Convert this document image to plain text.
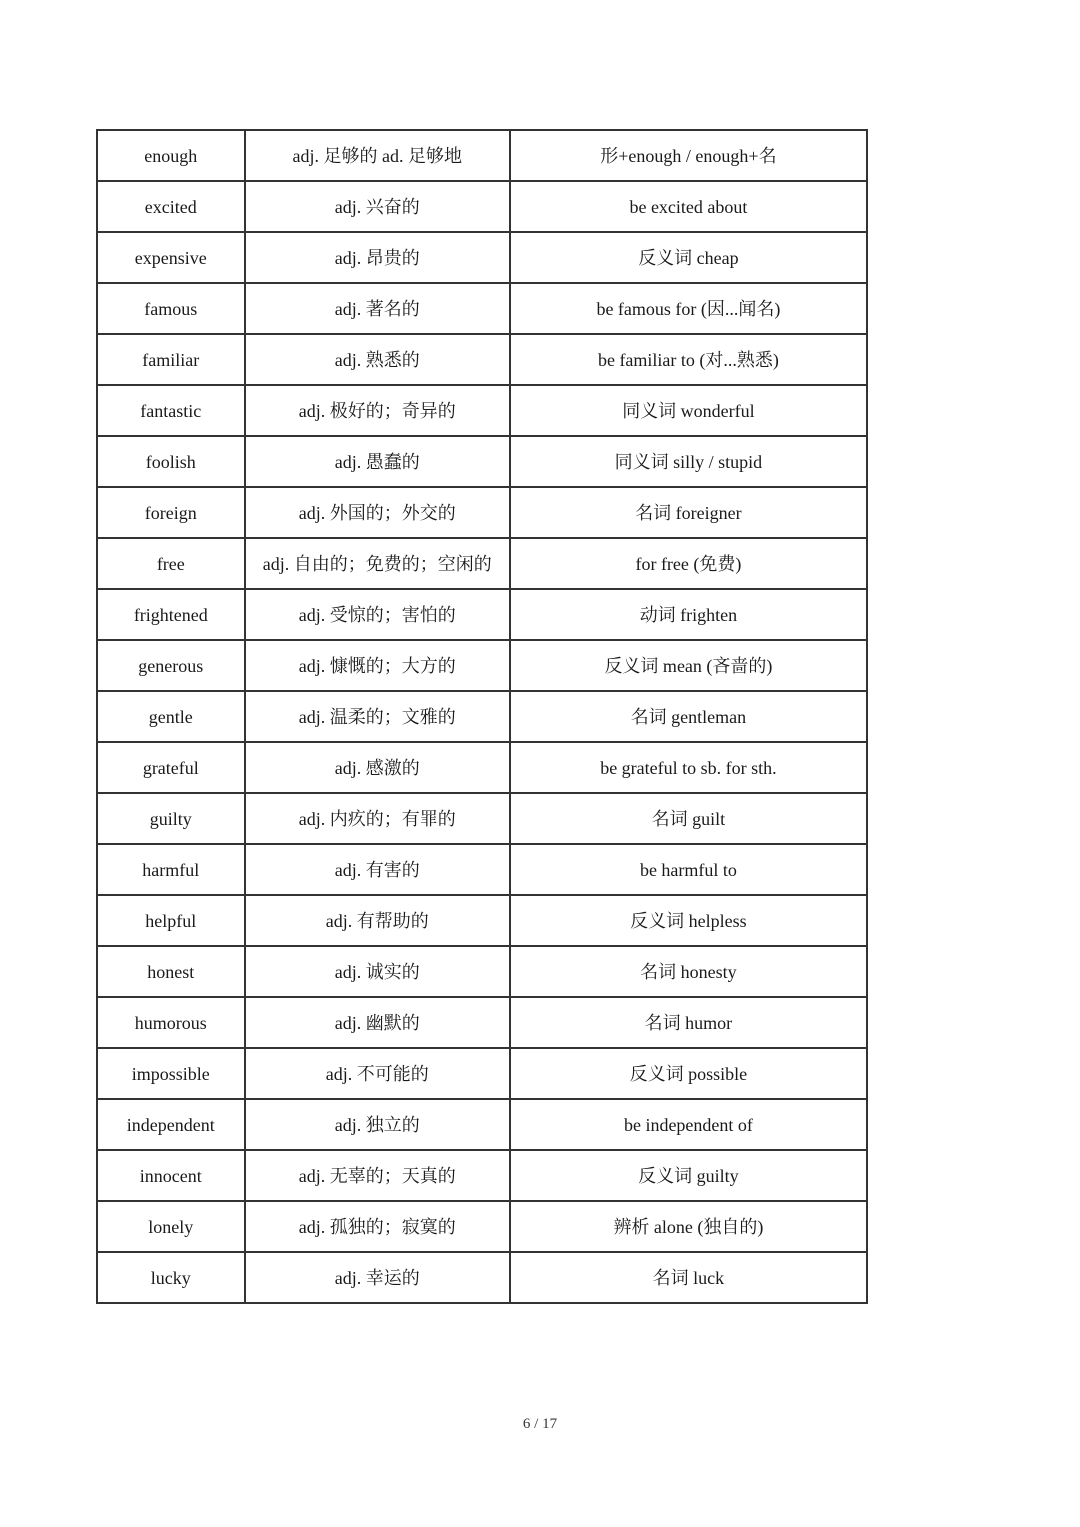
enough	adj. 足够的 ad. 足够地	形+enough / enough+名
excited	adj. 兴奋的	be excited about
expensive	adj. 昂贵的	反义词 cheap
famous	adj. 著名的	be famous for (因...闻名)
familiar	adj. 熟悉的	be familiar to (对...熟悉)
fantastic	adj. 极好的；奇异的	同义词 wonderful
foolish	adj. 愚蠢的	同义词 silly / stupid
foreign	adj. 外国的；外交的	名词 foreigner
free	adj. 自由的；免费的；空闲的	for free (免费)
frightened	adj. 受惊的；害怕的	动词 frighten
generous	adj. 慷慨的；大方的	反义词 mean (吝啬的)
gentle	adj. 温柔的；文雅的	名词 gentleman
grateful	adj. 感激的	be grateful to sb. for sth.
guilty	adj. 内疚的；有罪的	名词 guilt
harmful	adj. 有害的	be harmful to
helpful	adj. 有帮助的	反义词 helpless
honest	adj. 诚实的	名词 honesty
humorous	adj. 幽默的	名词 humor
impossible	adj. 不可能的	反义词 possible
independent	adj. 独立的	be independent of
innocent	adj. 无辜的；天真的	反义词 guilty
lonely	adj. 孤独的；寂寞的	辨析 alone (独自的)
lucky	adj. 幸运的	名词 luck
6 / 17
